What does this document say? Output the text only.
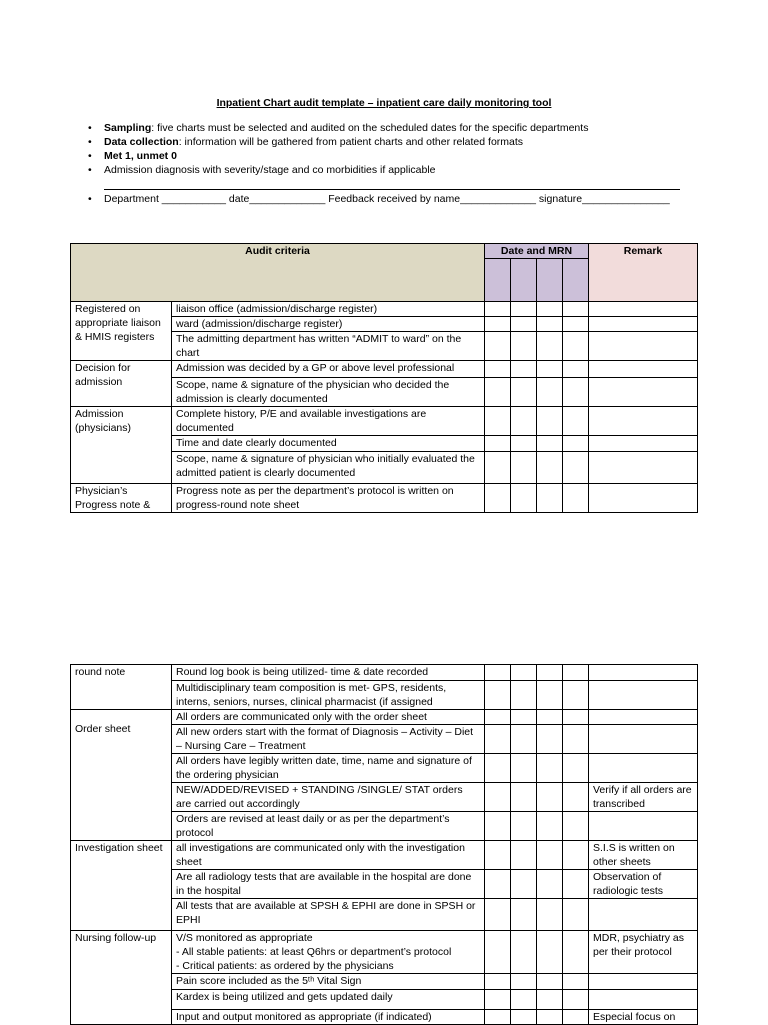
Inpatient Chart audit template – inpatient care daily monitoring tool
• Sampling: five charts must be selected and audited on the scheduled dates for the specific departments
• Data collection: information will be gathered from patient charts and other related formats
• Met 1, unmet 0
• Admission diagnosis with severity/stage and co morbidities if applicable
• Department ___________ date_____________ Feedback received by name_____________ signature_______________
Audit criteria		Date and MRN				Remark

Registered on appropriate liaison & HMIS registers	liaison office (admission/discharge register)					
	ward (admission/discharge register)					
	The admitting department has written “ADMIT to ward” on the chart					
Decision for admission	Admission was decided by a GP or above level professional					
	Scope, name & signature of the physician who decided the admission is clearly documented					
Admission (physicians)	Complete history, P/E and available investigations are documented					
	Time and date clearly documented					
	Scope, name & signature of physician who initially evaluated the admitted patient is clearly documented					
Physician’s Progress note &	Progress note as per the department’s protocol is written on progress-round note sheet					
round note	Round log book is being utilized- time & date recorded					
	Multidisciplinary team composition is met- GPS, residents, interns, seniors, nurses, clinical pharmacist (if assigned					
Order sheet	All orders are communicated only with the order sheet					
	All new orders start with the format of Diagnosis – Activity – Diet – Nursing Care – Treatment					
	All orders have legibly written date, time, name and signature of the ordering physician					
	NEW/ADDED/REVISED + STANDING /SINGLE/ STAT orders are carried out accordingly					Verify if all orders are transcribed
	Orders are revised at least daily or as per the department’s protocol					
Investigation sheet	all investigations are communicated only with the investigation sheet					S.I.S is written on other sheets
	Are all radiology tests that are available in the hospital are done in the hospital					Observation of radiologic tests
	All tests that are available at SPSH & EPHI are done in SPSH or EPHI					
Nursing follow-up	V/S monitored as appropriate
- All stable patients: at least Q6hrs or department’s protocol
- Critical patients: as ordered by the physicians					MDR, psychiatry as per their protocol
	Pain score included as the 5ᵗʰ Vital Sign					
	Kardex is being utilized and gets updated daily					
	Input and output monitored as appropriate (if indicated)					Especial focus on
